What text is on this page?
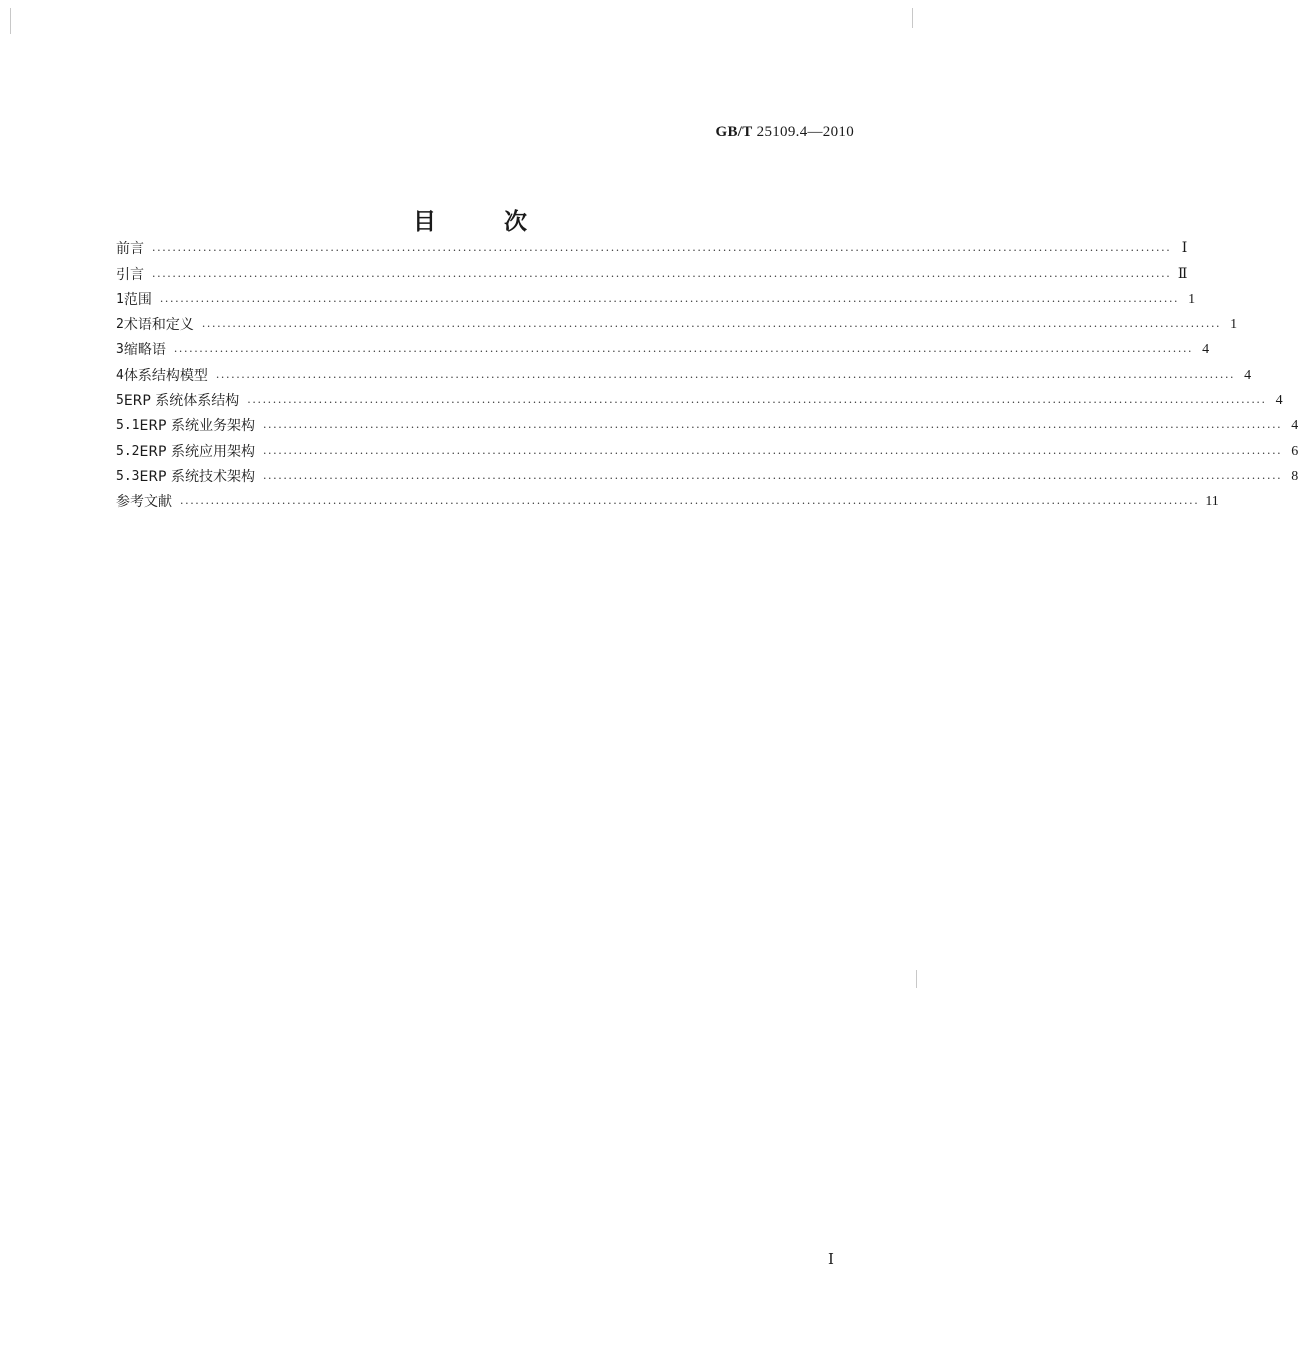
GB/T 25109.4—2010
目 次
前言 ········································································································································································································ Ⅰ
引言 ········································································································································································································ Ⅱ
1 范围 ········································································································································································································ 1
2 术语和定义 ········································································································································································································ 1
3 缩略语 ········································································································································································································ 4
4 体系结构模型 ········································································································································································································ 4
5 ERP 系统体系结构 ········································································································································································································ 4
5.1 ERP 系统业务架构 ········································································································································································································ 4
5.2 ERP 系统应用架构 ········································································································································································································ 6
5.3 ERP 系统技术架构 ········································································································································································································ 8
参考文献 ········································································································································································································ 11
Ⅰ
